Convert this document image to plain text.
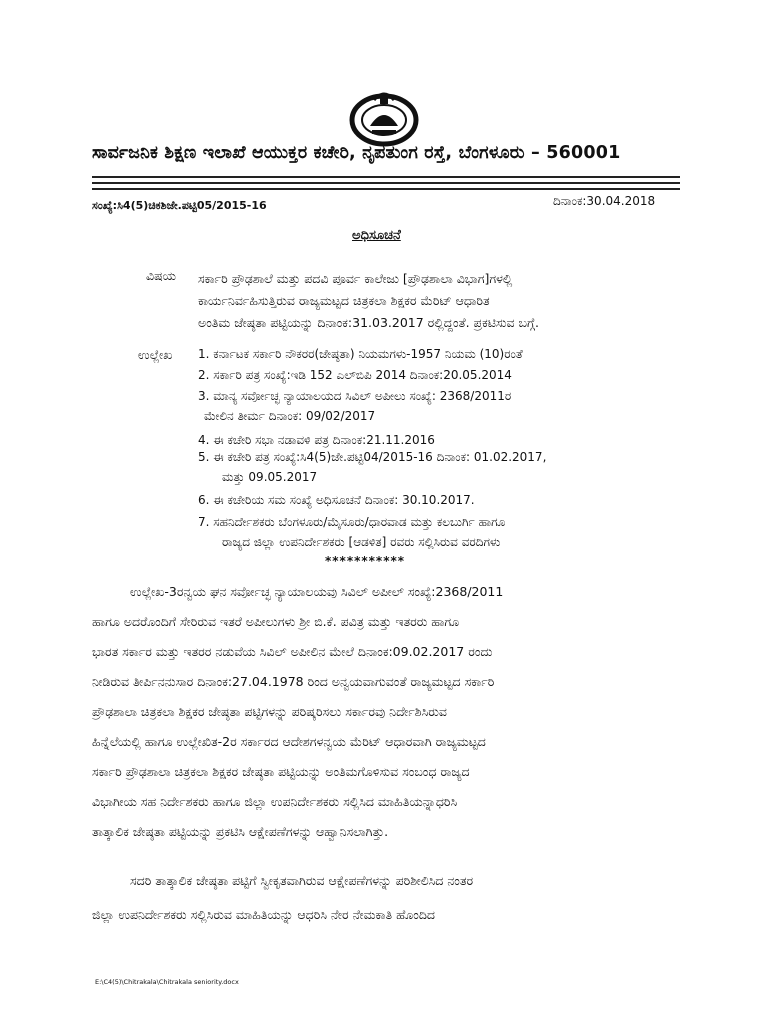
ಸಾರ್ವಜನಿಕ ಶಿಕ್ಷಣ ಇಲಾಖೆ ಆಯುಕ್ತರ ಕಚೇರಿ, ನೃಪತುಂಗ ರಸ್ತೆ, ಬೆಂಗಳೂರು – 560001
ಸಂಖ್ಯೆ:ಸಿ4(5)ಚಿಕಶಿಜೇ.ಪಟ್ಟಿ05/2015-16	ದಿನಾಂಕ:30.04.2018
ಅಧಿಸೂಚನೆ
ವಿಷಯ ಸರ್ಕಾರಿ ಪ್ರೌಢಶಾಲೆ ಮತ್ತು ಪದವಿ ಪೂರ್ವ ಕಾಲೇಜು [ಪ್ರೌಢಶಾಲಾ ವಿಭಾಗ]ಗಳಲ್ಲಿ
ಕಾರ್ಯನಿರ್ವಹಿಸುತ್ತಿರುವ ರಾಜ್ಯಮಟ್ಟದ ಚಿತ್ರಕಲಾ ಶಿಕ್ಷಕರ ಮೆರಿಟ್ ಆಧಾರಿತ
ಅಂತಿಮ ಜೇಷ್ಠತಾ ಪಟ್ಟಿಯನ್ನು ದಿನಾಂಕ:31.03.2017 ರಲ್ಲಿದ್ದಂತೆ. ಪ್ರಕಟಿಸುವ ಬಗ್ಗೆ.
ಉಲ್ಲೇಖ 1. ಕರ್ನಾಟಕ ಸರ್ಕಾರಿ ನೌಕರರ(ಜೇಷ್ಠತಾ) ನಿಯಮಗಳು-1957 ನಿಯಮ (10)ರಂತೆ
2. ಸರ್ಕಾರಿ ಪತ್ರ ಸಂಖ್ಯೆ:ಇಡಿ 152 ಎಲ್‌ಬಿಪಿ 2014 ದಿನಾಂಕ:20.05.2014
3. ಮಾನ್ಯ ಸರ್ವೋಚ್ಛ ನ್ಯಾಯಾಲಯದ ಸಿವಿಲ್ ಅಪೀಲು ಸಂಖ್ಯೆ: 2368/2011ರ
ಮೇಲಿನ ತೀರ್ಮ ದಿನಾಂಕ: 09/02/2017
4. ಈ ಕಚೇರಿ ಸಭಾ ನಡಾವಳಿ ಪತ್ರ ದಿನಾಂಕ:21.11.2016
5. ಈ ಕಚೇರಿ ಪತ್ರ ಸಂಖ್ಯೆ:ಸಿ4(5)ಜೇ.ಪಟ್ಟಿ04/2015-16 ದಿನಾಂಕ: 01.02.2017,
ಮತ್ತು 09.05.2017
6. ಈ ಕಚೇರಿಯ ಸಮ ಸಂಖ್ಯೆ ಅಧಿಸೂಚನೆ ದಿನಾಂಕ: 30.10.2017.
7. ಸಹನಿರ್ದೇಶಕರು ಬೆಂಗಳೂರು/ಮೈಸೂರು/ಧಾರವಾಡ ಮತ್ತು ಕಲಬುರ್ಗಿ ಹಾಗೂ
ರಾಜ್ಯದ ಜಿಲ್ಲಾ ಉಪನಿರ್ದೇಶಕರು [ಆಡಳಿತ] ರವರು ಸಲ್ಲಿಸಿರುವ ವರದಿಗಳು
***********
ಉಲ್ಲೇಖ-3ರನ್ವಯ ಘನ ಸರ್ವೋಚ್ಛ ನ್ಯಾಯಾಲಯವು ಸಿವಿಲ್ ಅಪೀಲ್ ಸಂಖ್ಯೆ:2368/2011
ಹಾಗೂ ಅದರೊಂದಿಗೆ ಸೇರಿರುವ ಇತರೆ ಅಪೀಲುಗಳು ಶ್ರೀ ಬಿ.ಕೆ. ಪವಿತ್ರ ಮತ್ತು ಇತರರು ಹಾಗೂ
ಭಾರತ ಸರ್ಕಾರ ಮತ್ತು ಇತರರ ನಡುವೆಯ ಸಿವಿಲ್ ಅಪೀಲಿನ ಮೇಲೆ ದಿನಾಂಕ:09.02.2017 ರಂದು
ನೀಡಿರುವ ತೀರ್ಪಿನನುಸಾರ ದಿನಾಂಕ:27.04.1978 ರಿಂದ ಅನ್ವಯವಾಗುವಂತೆ ರಾಜ್ಯಮಟ್ಟದ ಸರ್ಕಾರಿ
ಪ್ರೌಢಶಾಲಾ ಚಿತ್ರಕಲಾ ಶಿಕ್ಷಕರ ಜೇಷ್ಠತಾ ಪಟ್ಟಿಗಳನ್ನು ಪರಿಷ್ಕರಿಸಲು ಸರ್ಕಾರವು ನಿರ್ದೇಶಿಸಿರುವ
ಹಿನ್ನೆಲೆಯಲ್ಲಿ ಹಾಗೂ ಉಲ್ಲೇಖಿತ-2ರ ಸರ್ಕಾರದ ಆದೇಶಗಳನ್ವಯ ಮೆರಿಟ್ ಆಧಾರವಾಗಿ ರಾಜ್ಯಮಟ್ಟದ
ಸರ್ಕಾರಿ ಪ್ರೌಢಶಾಲಾ ಚಿತ್ರಕಲಾ ಶಿಕ್ಷಕರ ಜೇಷ್ಠತಾ ಪಟ್ಟಿಯನ್ನು ಅಂತಿಮಗೊಳಿಸುವ ಸಂಬಂಧ ರಾಜ್ಯದ
ವಿಭಾಗೀಯ ಸಹ ನಿರ್ದೇಶಕರು ಹಾಗೂ ಜಿಲ್ಲಾ ಉಪನಿರ್ದೇಶಕರು ಸಲ್ಲಿಸಿದ ಮಾಹಿತಿಯನ್ನಾಧರಿಸಿ
ತಾತ್ಕಾಲಿಕ ಜೇಷ್ಠತಾ ಪಟ್ಟಿಯನ್ನು ಪ್ರಕಟಿಸಿ ಆಕ್ಷೇಪಣೆಗಳನ್ನು ಆಹ್ವಾನಿಸಲಾಗಿತ್ತು.
ಸದರಿ ತಾತ್ಕಾಲಿಕ ಜೇಷ್ಠತಾ ಪಟ್ಟಿಗೆ ಸ್ವೀಕೃತವಾಗಿರುವ ಆಕ್ಷೇಪಣೆಗಳನ್ನು ಪರಿಶೀಲಿಸಿದ ನಂತರ
ಜಿಲ್ಲಾ ಉಪನಿರ್ದೇಶಕರು ಸಲ್ಲಿಸಿರುವ ಮಾಹಿತಿಯನ್ನು ಆಧರಿಸಿ ನೇರ ನೇಮಕಾತಿ ಹೊಂದಿದ
E:\C4(5)\Chitrakala\Chitrakala seniority.docx
